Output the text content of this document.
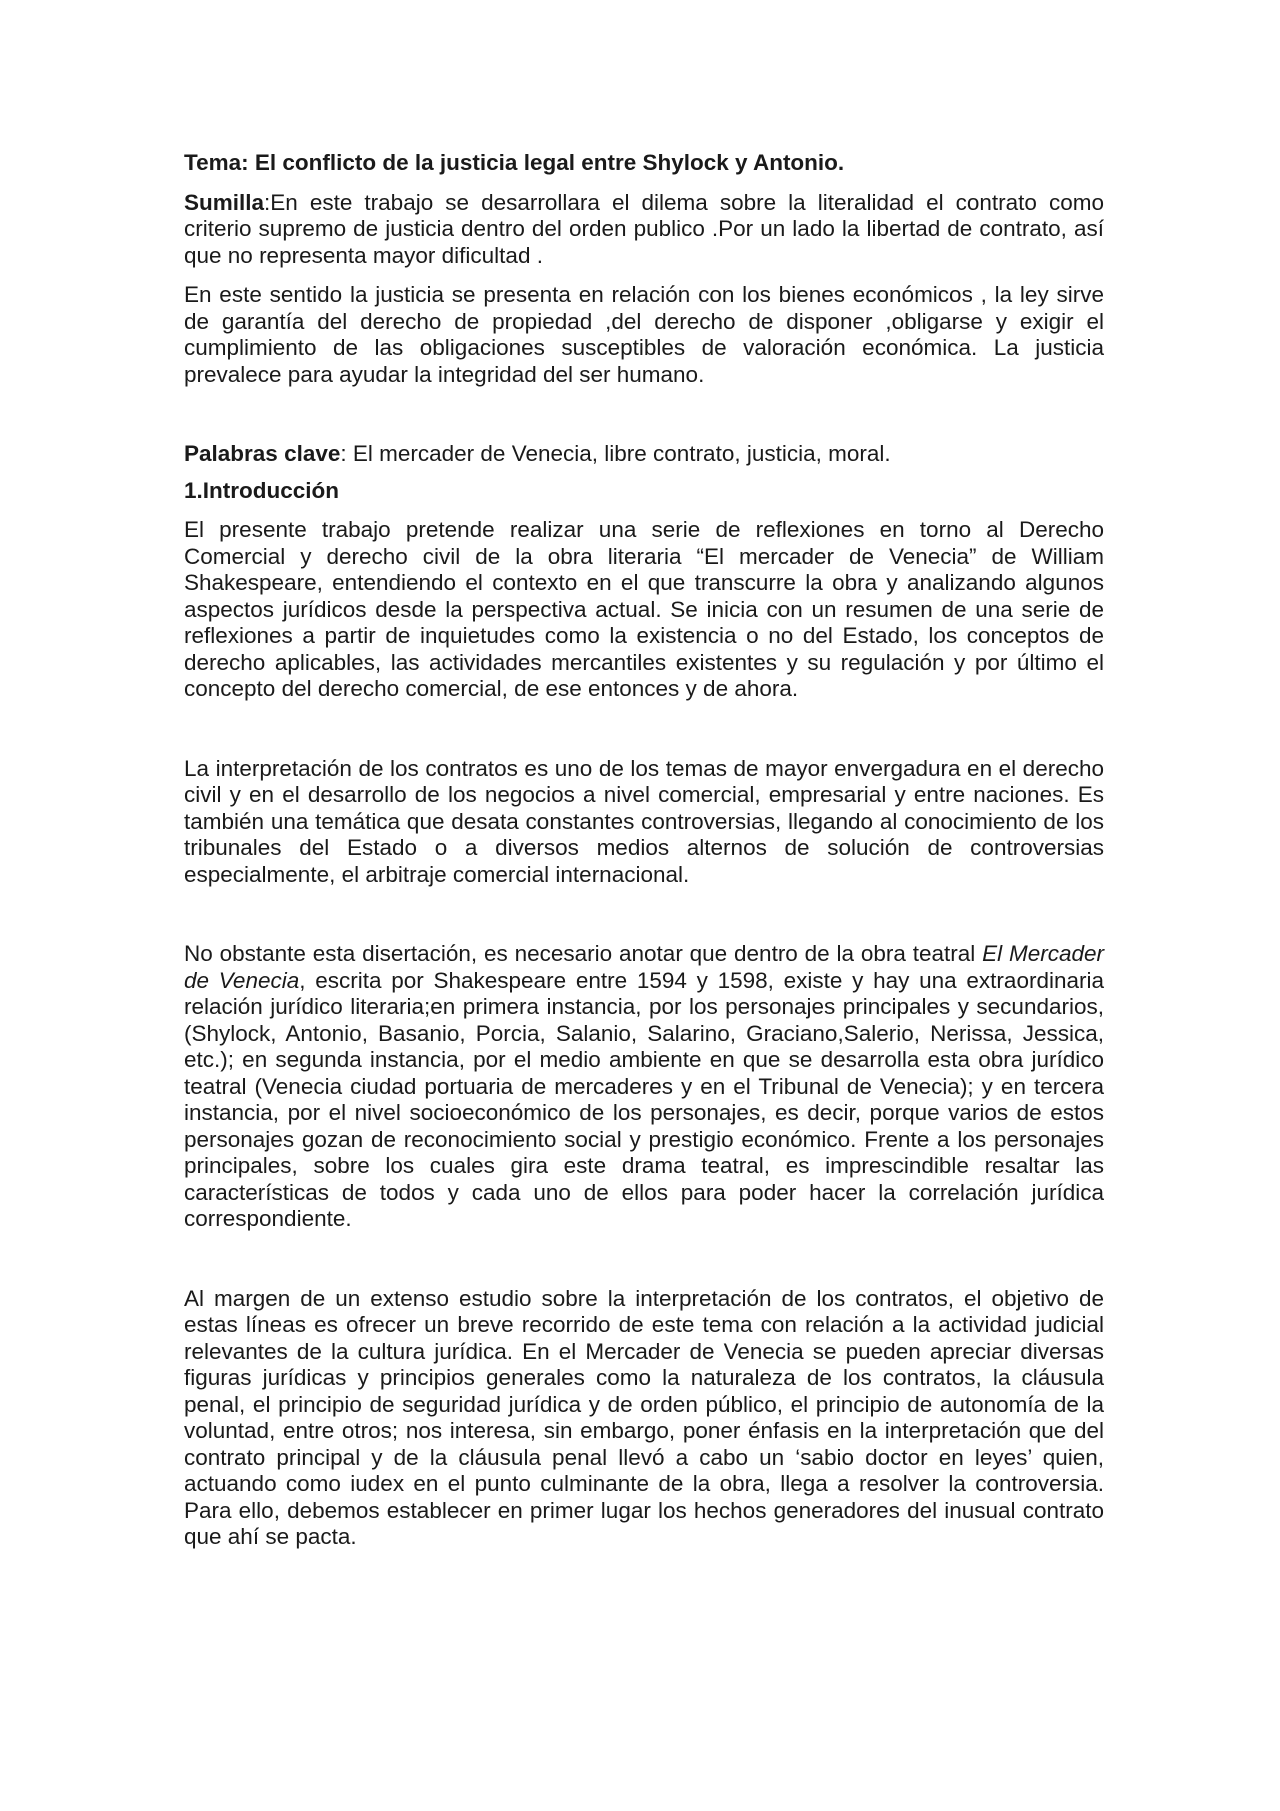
Tema: El conflicto de la justicia legal entre Shylock y Antonio.

Sumilla:En este trabajo se desarrollara el dilema sobre la literalidad el contrato como criterio supremo de justicia dentro del orden publico .Por un lado la libertad de contrato, así que no representa mayor dificultad .

En este sentido la justicia se presenta en relación con los bienes económicos , la ley sirve de garantía del derecho de propiedad ,del derecho de disponer ,obligarse y exigir el cumplimiento de las obligaciones susceptibles de valoración económica. La justicia prevalece para ayudar la integridad del ser humano.

Palabras clave: El mercader de Venecia, libre contrato, justicia, moral.

1.Introducción

El presente trabajo pretende realizar una serie de reflexiones en torno al Derecho Comercial y derecho civil de la obra literaria “El mercader de Venecia” de William Shakespeare, entendiendo el contexto en el que transcurre la obra y analizando algunos aspectos jurídicos desde la perspectiva actual. Se inicia con un resumen de una serie de reflexiones a partir de inquietudes como la existencia o no del Estado, los conceptos de derecho aplicables, las actividades mercantiles existentes y su regulación y por último el concepto del derecho comercial, de ese entonces y de ahora.

La interpretación de los contratos es uno de los temas de mayor envergadura en el derecho civil y en el desarrollo de los negocios a nivel comercial, empresarial y entre naciones. Es también una temática que desata constantes controversias, llegando al conocimiento de los tribunales del Estado o a diversos medios alternos de solución de controversias especialmente, el arbitraje comercial internacional.

No obstante esta disertación, es necesario anotar que dentro de la obra teatral El Mercader de Venecia, escrita por Shakespeare entre 1594 y 1598, existe y hay una extraordinaria relación jurídico literaria;en primera instancia, por los personajes principales y secundarios, (Shylock, Antonio, Basanio, Porcia, Salanio, Salarino, Graciano,Salerio, Nerissa, Jessica, etc.); en segunda instancia, por el medio ambiente en que se desarrolla esta obra jurídico teatral (Venecia ciudad portuaria de mercaderes y en el Tribunal de Venecia); y en tercera instancia, por el nivel socioeconómico de los personajes, es decir, porque varios de estos personajes gozan de reconocimiento social y prestigio económico. Frente a los personajes principales, sobre los cuales gira este drama teatral, es imprescindible resaltar las características de todos y cada uno de ellos para poder hacer la correlación jurídica correspondiente.

Al margen de un extenso estudio sobre la interpretación de los contratos, el objetivo de estas líneas es ofrecer un breve recorrido de este tema con relación a la actividad judicial relevantes de la cultura jurídica. En el Mercader de Venecia se pueden apreciar diversas figuras jurídicas y principios generales como la naturaleza de los contratos, la cláusula penal, el principio de seguridad jurídica y de orden público, el principio de autonomía de la voluntad, entre otros; nos interesa, sin embargo, poner énfasis en la interpretación que del contrato principal y de la cláusula penal llevó a cabo un ‘sabio doctor en leyes’ quien, actuando como iudex en el punto culminante de la obra, llega a resolver la controversia. Para ello, debemos establecer en primer lugar los hechos generadores del inusual contrato que ahí se pacta.
